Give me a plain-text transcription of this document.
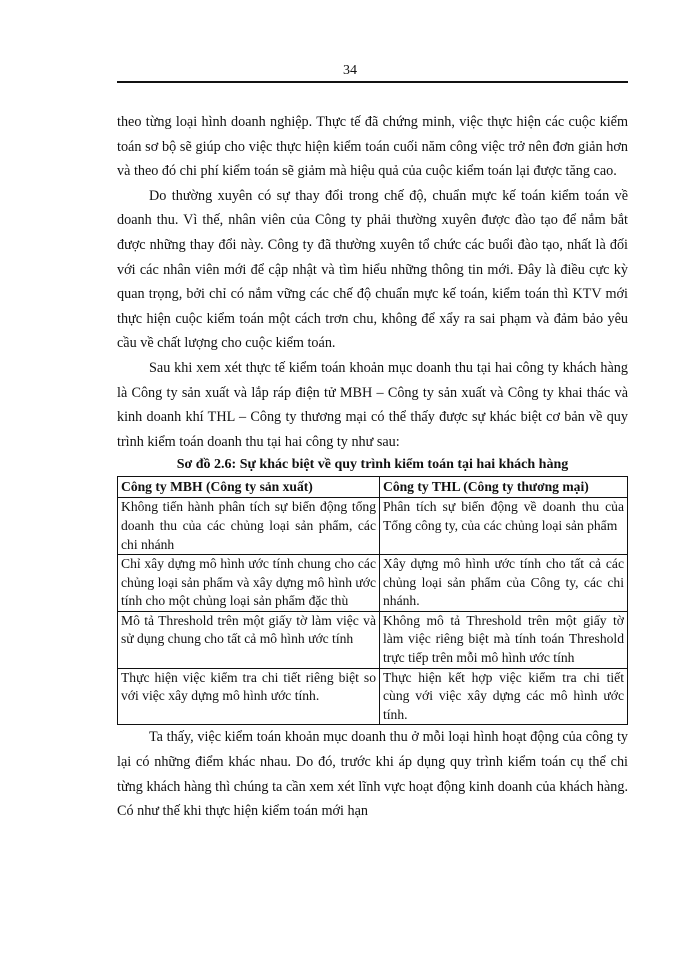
34

theo từng loại hình doanh nghiệp. Thực tế đã chứng minh, việc thực hiện các cuộc kiểm toán sơ bộ sẽ giúp cho việc thực hiện kiểm toán cuối năm công việc trở nên đơn giản hơn và theo đó chi phí kiểm toán sẽ giảm mà hiệu quả của cuộc kiểm toán lại được tăng cao.

Do thường xuyên có sự thay đổi trong chế độ, chuẩn mực kế toán kiểm toán về doanh thu. Vì thế, nhân viên của Công ty phải thường xuyên được đào tạo để nắm bắt được những thay đổi này. Công ty đã thường xuyên tổ chức các buổi đào tạo, nhất là đối với các nhân viên mới để cập nhật và tìm hiểu những thông tin mới. Đây là điều cực kỳ quan trọng, bởi chỉ có nắm vững các chế độ chuẩn mực kế toán, kiểm toán thì KTV mới thực hiện cuộc kiểm toán một cách trơn chu, không để xẩy ra sai phạm và đảm bảo yêu cầu về chất lượng cho cuộc kiểm toán.

Sau khi xem xét thực tế kiểm toán khoản mục doanh thu tại hai công ty khách hàng là Công ty sản xuất và lắp ráp điện tử MBH – Công ty sản xuất và Công ty khai thác và kinh doanh khí THL – Công ty thương mại có thể thấy được sự khác biệt cơ bản về quy trình kiểm toán doanh thu tại hai công ty như sau:

Sơ đồ 2.6: Sự khác biệt về quy trình kiểm toán tại hai khách hàng

Công ty MBH (Công ty sản xuất)	Công ty THL (Công ty thương mại)
Không tiến hành phân tích sự biến động tổng doanh thu của các chủng loại sản phẩm, các chi nhánh	Phân tích sự biến động về doanh thu của Tổng công ty, của các chủng loại sản phẩm
Chỉ xây dựng mô hình ước tính chung cho các chủng loại sản phẩm và xây dựng mô hình ước tính cho một chủng loại sản phẩm đặc thù	Xây dựng mô hình ước tính cho tất cả các chủng loại sản phẩm của Công ty, các chi nhánh.
Mô tả Threshold trên một giấy tờ làm việc và sử dụng chung cho tất cả mô hình ước tính	Không mô tả Threshold trên một giấy tờ làm việc riêng biệt mà tính toán Threshold trực tiếp trên mỗi mô hình ước tính
Thực hiện việc kiểm tra chi tiết riêng biệt so với việc xây dựng mô hình ước tính.	Thực hiện kết hợp việc kiểm tra chi tiết cùng với việc xây dựng các mô hình ước tính.

Ta thấy, việc kiểm toán khoản mục doanh thu ở mỗi loại hình hoạt động của công ty lại có những điểm khác nhau. Do đó, trước khi áp dụng quy trình kiểm toán cụ thể chi từng khách hàng thì chúng ta cần xem xét lĩnh vực hoạt động kinh doanh của khách hàng. Có như thế khi thực hiện kiểm toán mới hạn
